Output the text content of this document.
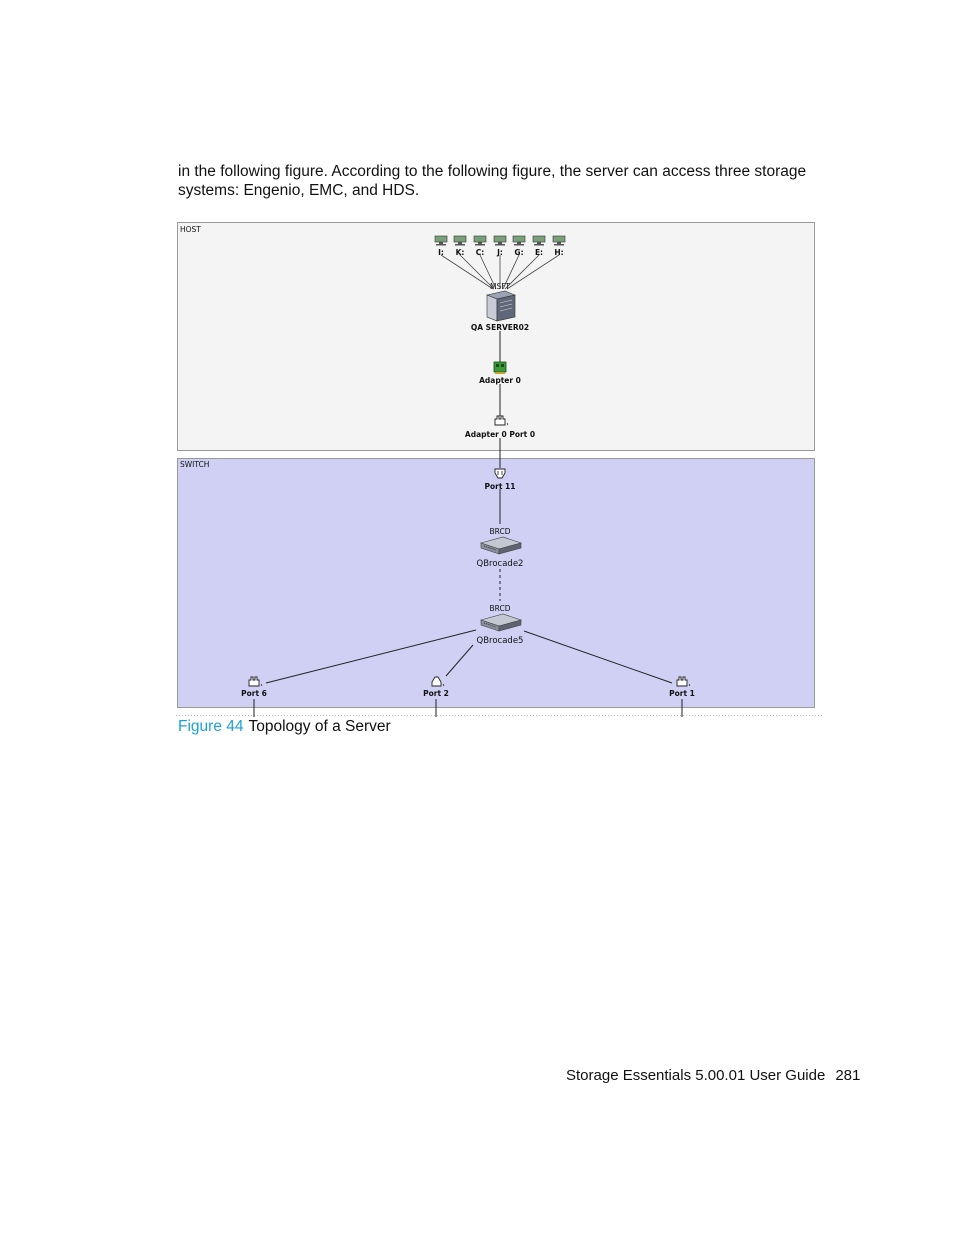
in the following figure. According to the following figure, the server can access three storage systems: Engenio, EMC, and HDS.

HOST
SWITCH
I: K: C: J: G: E: H:
MSFT
QA SERVER02
Adapter 0
Adapter 0 Port 0
Port 11
BRCD
QBrocade2
BRCD
QBrocade5
Port 6	Port 2	Port 1
Figure 44 Topology of a Server
Storage Essentials 5.00.01 User Guide 281
